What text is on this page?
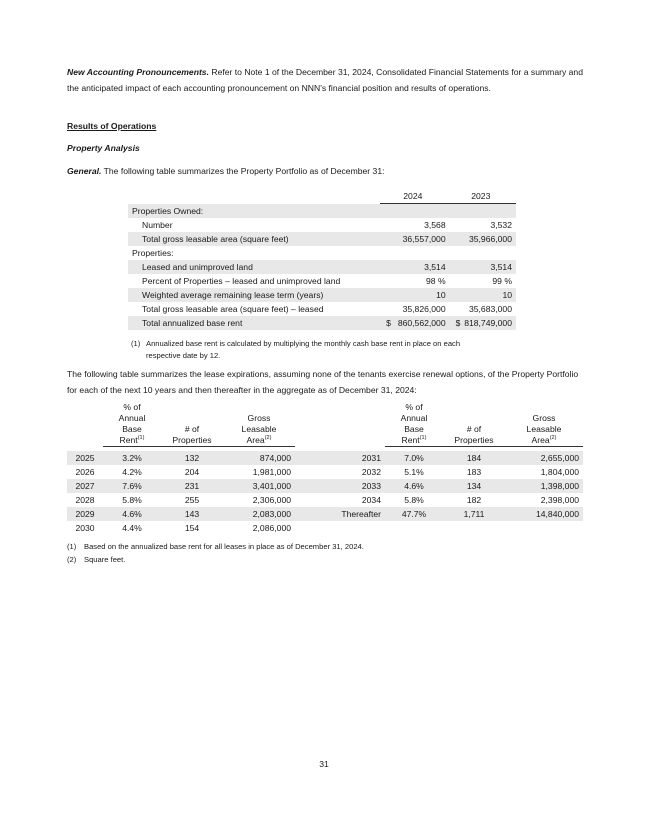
New Accounting Pronouncements. Refer to Note 1 of the December 31, 2024, Consolidated Financial Statements for a summary and the anticipated impact of each accounting pronouncement on NNN's financial position and results of operations.

Results of Operations

Property Analysis

General. The following table summarizes the Property Portfolio as of December 31:

	2024	2023
Properties Owned:		
Number	3,568	3,532
Total gross leasable area (square feet)	36,557,000	35,966,000
Properties:		
Leased and unimproved land	3,514	3,514
Percent of Properties – leased and unimproved land	98 %	99 %
Weighted average remaining lease term (years)	10	10
Total gross leasable area (square feet) – leased	35,826,000	35,683,000
Total annualized base rent	$ 860,562,000	$ 818,749,000
(1) Annualized base rent is calculated by multiplying the monthly cash base rent in place on each respective date by 12.

The following table summarizes the lease expirations, assuming none of the tenants exercise renewal options, of the Property Portfolio for each of the next 10 years and then thereafter in the aggregate as of December 31, 2024:

	% of				% of		
	Annual		Gross		Annual		Gross
	Base	# of	Leasable		Base	# of	Leasable
	Rent$^{(1)}$	Properties	Area$^{(2)}$		Rent$^{(1)}$	Properties	Area$^{(2)}$

2025	3.2%	132	874,000	2031	7.0%	184	2,655,000
2026	4.2%	204	1,981,000	2032	5.1%	183	1,804,000
2027	7.6%	231	3,401,000	2033	4.6%	134	1,398,000
2028	5.8%	255	2,306,000	2034	5.8%	182	2,398,000
2029	4.6%	143	2,083,000	Thereafter	47.7%	1,711	14,840,000
2030	4.4%	154	2,086,000				
(1) Based on the annualized base rent for all leases in place as of December 31, 2024.
(2) Square feet.
31
